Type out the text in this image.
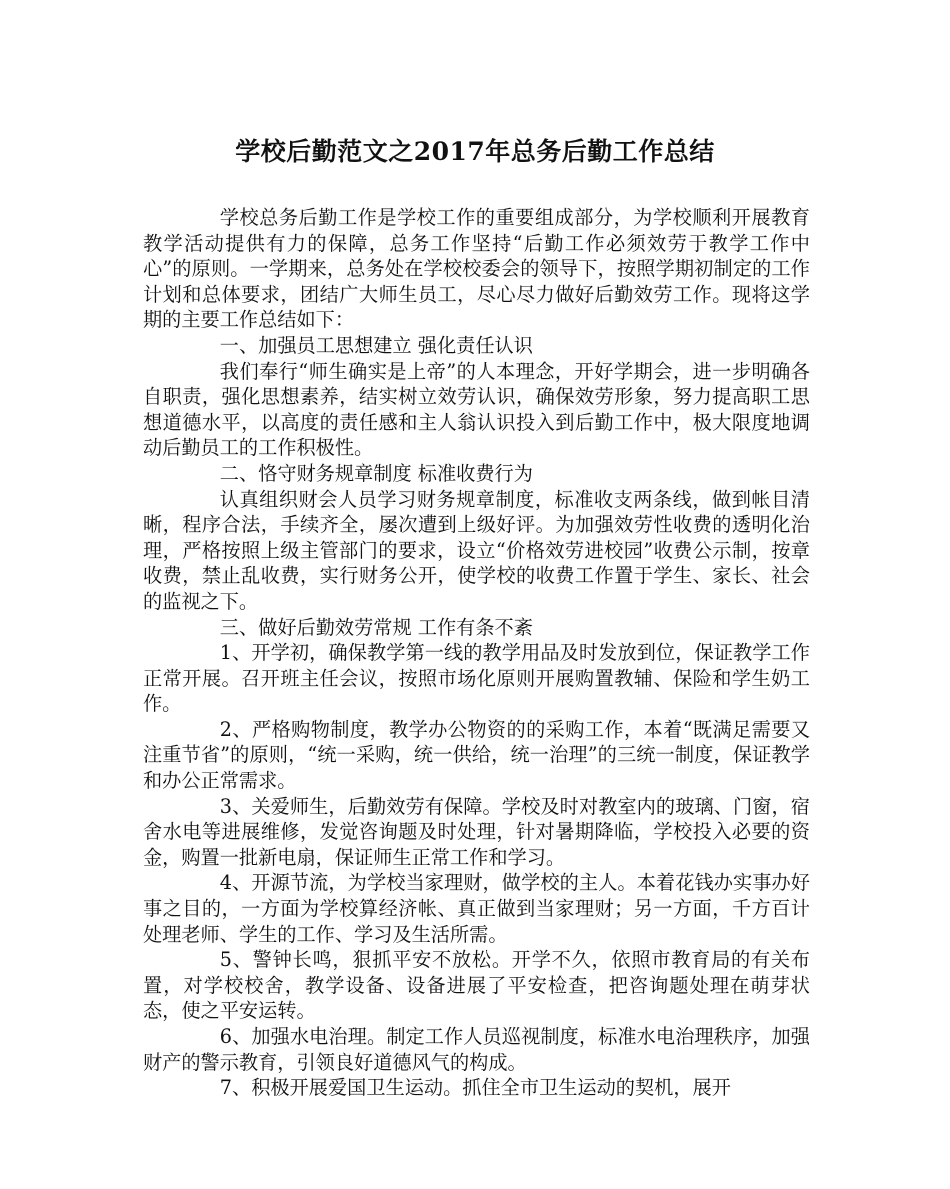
学校后勤范文之2017年总务后勤工作总结

学校总务后勤工作是学校工作的重要组成部分，为学校顺利开展教育教学活动提供有力的保障，总务工作坚持“后勤工作必须效劳于教学工作中心”的原则。一学期来，总务处在学校校委会的领导下，按照学期初制定的工作计划和总体要求，团结广大师生员工，尽心尽力做好后勤效劳工作。现将这学期的主要工作总结如下：

一、加强员工思想建立 强化责任认识

我们奉行“师生确实是上帝”的人本理念，开好学期会，进一步明确各自职责，强化思想素养，结实树立效劳认识，确保效劳形象，努力提高职工思想道德水平，以高度的责任感和主人翁认识投入到后勤工作中，极大限度地调动后勤员工的工作积极性。

二、恪守财务规章制度 标准收费行为

认真组织财会人员学习财务规章制度，标准收支两条线，做到帐目清晰，程序合法，手续齐全，屡次遭到上级好评。为加强效劳性收费的透明化治理，严格按照上级主管部门的要求，设立“价格效劳进校园”收费公示制，按章收费，禁止乱收费，实行财务公开，使学校的收费工作置于学生、家长、社会的监视之下。

三、做好后勤效劳常规 工作有条不紊

1、开学初，确保教学第一线的教学用品及时发放到位，保证教学工作正常开展。召开班主任会议，按照市场化原则开展购置教辅、保险和学生奶工作。

2、严格购物制度，教学办公物资的的采购工作，本着“既满足需要又注重节省”的原则，“统一采购，统一供给，统一治理”的三统一制度，保证教学和办公正常需求。

3、关爱师生，后勤效劳有保障。学校及时对教室内的玻璃、门窗，宿舍水电等进展维修，发觉咨询题及时处理，针对暑期降临，学校投入必要的资金，购置一批新电扇，保证师生正常工作和学习。

4、开源节流，为学校当家理财，做学校的主人。本着花钱办实事办好事之目的，一方面为学校算经济帐、真正做到当家理财；另一方面，千方百计处理老师、学生的工作、学习及生活所需。

5、警钟长鸣，狠抓平安不放松。开学不久，依照市教育局的有关布置，对学校校舍，教学设备、设备进展了平安检查，把咨询题处理在萌芽状态，使之平安运转。

6、加强水电治理。制定工作人员巡视制度，标准水电治理秩序，加强财产的警示教育，引领良好道德风气的构成。

7、积极开展爱国卫生运动。抓住全市卫生运动的契机，展开
